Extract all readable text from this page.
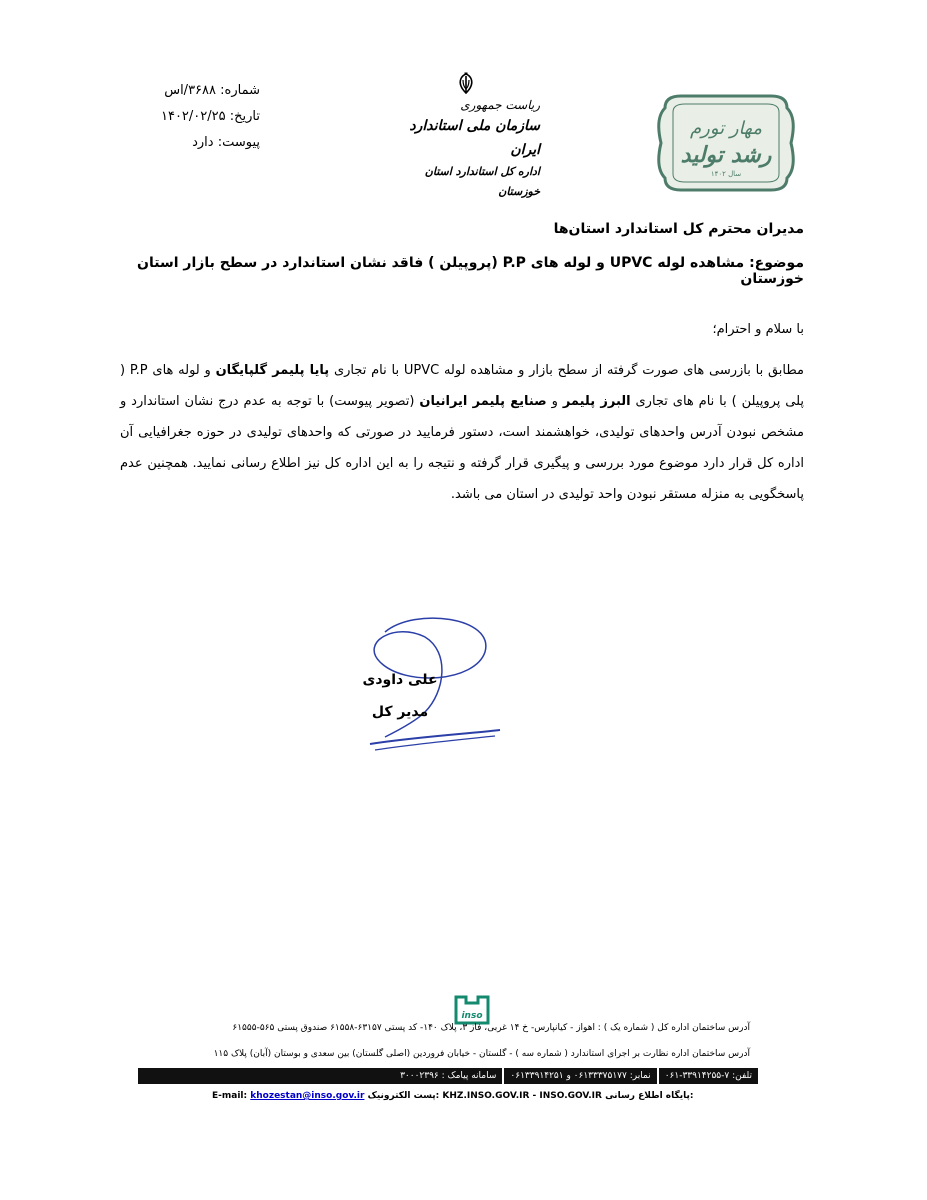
شماره: ۳۶۸۸/اس
تاریخ: ۱۴۰۲/۰۲/۲۵
پیوست: دارد
ریاست جمهوری
سازمان ملی استاندارد ایران
اداره کل استاندارد استان خوزستان
مهار تورم
رشد تولید
سال ۱۴۰۲
مدیران محترم کل استاندارد استان‌ها
موضوع: مشاهده لوله UPVC و لوله های P.P (پروپیلن ) فاقد نشان استاندارد در سطح بازار استان خوزستان
با سلام و احترام؛
مطابق با بازرسی های صورت گرفته از سطح بازار و مشاهده لوله UPVC با نام تجاری پایا پلیمر گلپایگان و لوله های P.P ( پلی پروپیلن ) با نام های تجاری البرز پلیمر و صنایع پلیمر ایرانیان (تصویر پیوست) با توجه به عدم درج نشان استاندارد و مشخص نبودن آدرس واحدهای تولیدی، خواهشمند است، دستور فرمایید در صورتی که واحدهای تولیدی در حوزه جغرافیایی آن اداره کل قرار دارد موضوع مورد بررسی و پیگیری قرار گرفته و نتیجه را به این اداره کل نیز اطلاع رسانی نمایید. همچنین عدم پاسخگویی به منزله مستقر نبودن واحد تولیدی در استان می باشد.
علی داودی
مدیر کل
inso
آدرس ساختمان اداره کل ( شماره یک ) : اهواز - کیانپارس- خ ۱۴ غربی، فاز ۳، پلاک ۱۴۰- کد پستی ۶۳۱۵۷-۶۱۵۵۸ صندوق پستی ۵۶۵-۶۱۵۵۵
آدرس ساختمان اداره نظارت بر اجرای استاندارد ( شماره سه ) - گلستان - خیابان فروردین (اصلی گلستان) بین سعدی و بوستان (آبان) پلاک ۱۱۵
تلفن: ۷-۳۳۹۱۴۲۵۵-۰۶۱
نمابر: ۰۶۱۳۳۳۷۵۱۷۷ و ۰۶۱۳۳۹۱۴۲۵۱
سامانه پیامک : ۳۰۰۰۲۳۹۶
E-mail: khozestan@inso.gov.ir پست الکترونیک: KHZ.INSO.GOV.IR - INSO.GOV.IR پایگاه اطلاع رسانی:
